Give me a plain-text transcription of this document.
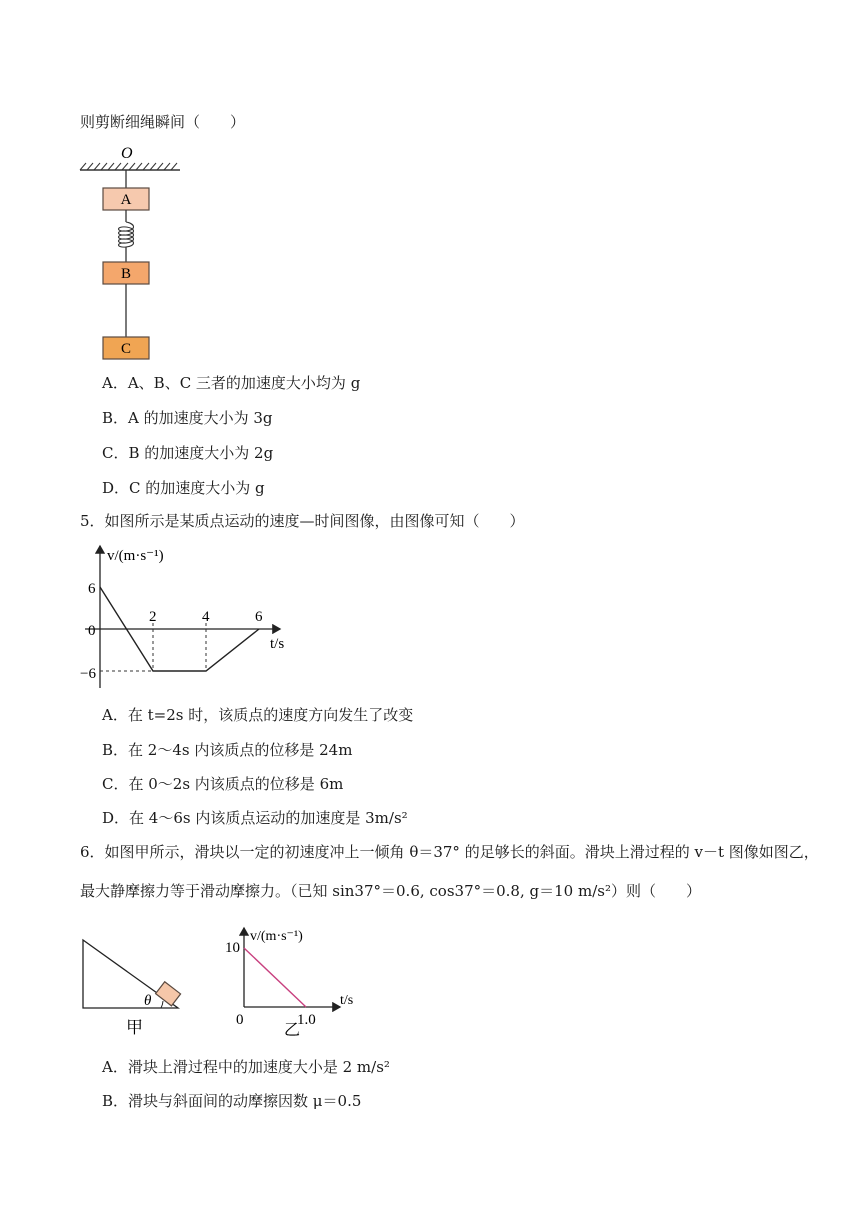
则剪断细绳瞬间（　　）
O
A
B
C
A．A、B、C 三者的加速度大小均为 g
B．A 的加速度大小为 3g
C．B 的加速度大小为 2g
D．C 的加速度大小为 g
5．如图所示是某质点运动的速度—时间图像，由图像可知（　　）
v/(m·s⁻¹)
t/s
6
0
−6
2	4	6
A．在 t=2s 时，该质点的速度方向发生了改变
B．在 2～4s 内该质点的位移是 24m
C．在 0～2s 内该质点的位移是 6m
D．在 4～6s 内该质点运动的加速度是 3m/s²
6．如图甲所示，滑块以一定的初速度冲上一倾角 θ＝37° 的足够长的斜面。滑块上滑过程的 v－t 图像如图乙，
最大静摩擦力等于滑动摩擦力。（已知 sin37°＝0.6, cos37°＝0.8, g＝10 m/s²）则（　　）
θ
甲
v/(m·s⁻¹)
t/s
10
0	1.0
乙
A．滑块上滑过程中的加速度大小是 2 m/s²
B．滑块与斜面间的动摩擦因数 μ＝0.5
